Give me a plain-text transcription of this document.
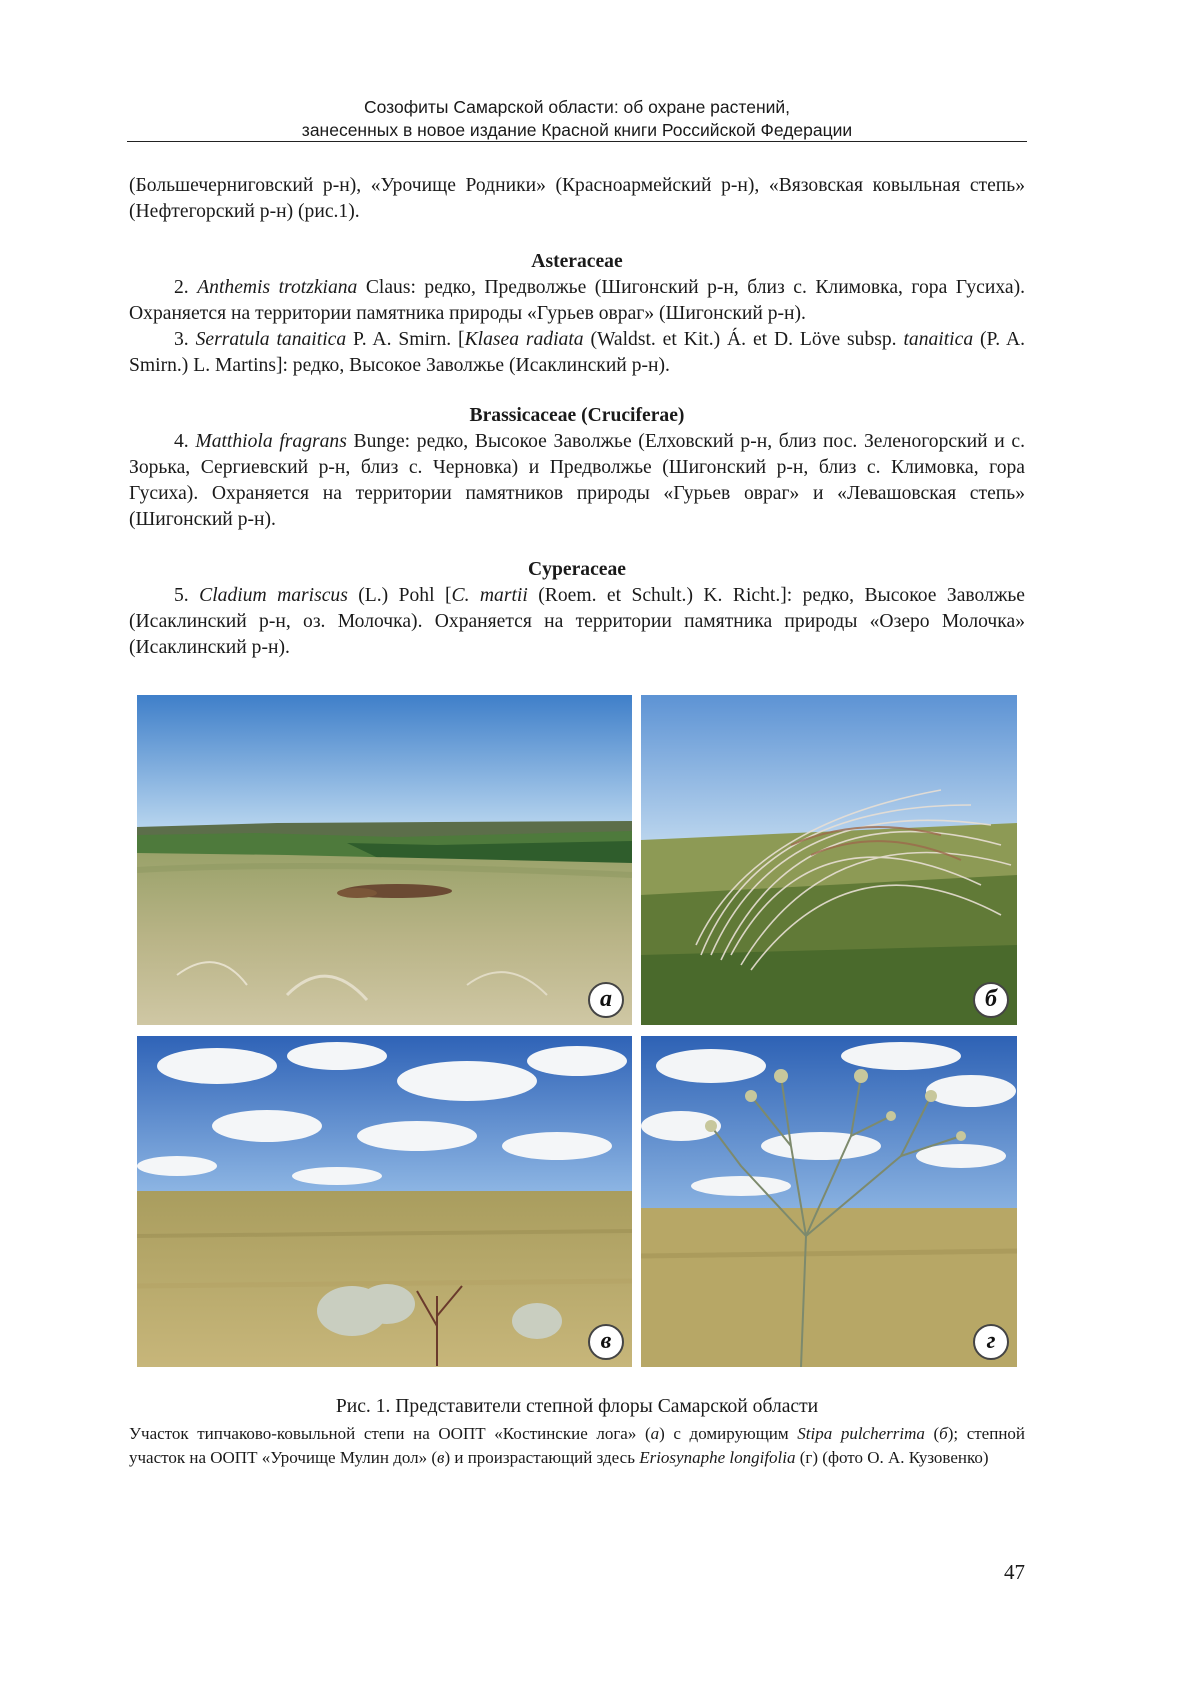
Созофиты Самарской области: об охране растений,
занесенных в новое издание Красной книги Российской Федерации

(Большечерниговский р-н), «Урочище Родники» (Красноармейский р-н), «Вязовская ковыльная степь» (Нефтегорский р-н) (рис.1).

Asteraceae

2. Anthemis trotzkiana Claus: редко, Предволжье (Шигонский р-н, близ с. Климовка, гора Гусиха). Охраняется на территории памятника природы «Гурьев овраг» (Шигонский р-н).

3. Serratula tanaitica P. A. Smirn. [Klasea radiata (Waldst. et Kit.) Á. et D. Löve subsp. tanaitica (P. A. Smirn.) L. Martins]: редко, Высокое Заволжье (Исаклинский р-н).

Brassicaceae (Cruciferae)

4. Matthiola fragrans Bunge: редко, Высокое Заволжье (Елховский р-н, близ пос. Зеленогорский и с. Зорька, Сергиевский р-н, близ с. Черновка) и Предволжье (Шигонский р-н, близ с. Климовка, гора Гусиха). Охраняется на территории памятников природы «Гурьев овраг» и «Левашовская степь» (Шигонский р-н).

Cyperaceae

5. Cladium mariscus (L.) Pohl [C. martii (Roem. et Schult.) K. Richt.]: редко, Высокое Заволжье (Исаклинский р-н, оз. Молочка). Охраняется на территории памятника природы «Озеро Молочка» (Исаклинский р-н).

а	б
в	г
Рис. 1. Представители степной флоры Самарской области
Участок типчаково-ковыльной степи на ООПТ «Костинские лога» (а) с домирующим Stipa pulcherrima (б); степной участок на ООПТ «Урочище Мулин дол» (в) и произрастающий здесь Eriosynaphe longifolia (г) (фото О. А. Кузовенко)
47
